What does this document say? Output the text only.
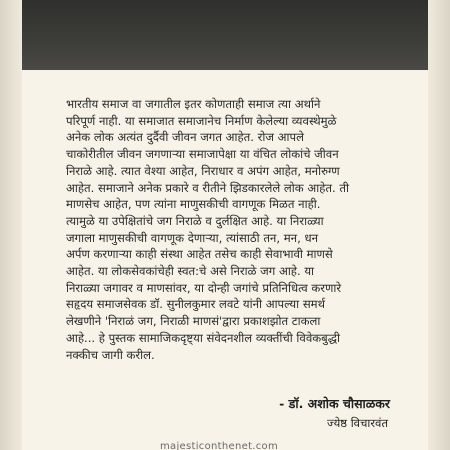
भारतीय समाज वा जगातील इतर कोणताही समाज त्या अर्थाने
परिपूर्ण नाही. या समाजात समाजानेच निर्माण केलेल्या व्यवस्थेमुळे
अनेक लोक अत्यंत दुर्दैवी जीवन जगत आहेत. रोज आपले
चाकोरीतील जीवन जगणाऱ्या समाजापेक्षा या वंचित लोकांचे जीवन
निराळे आहे. त्यात वेश्या आहेत, निराधार व अपंग आहेत, मनोरुग्ण
आहेत. समाजाने अनेक प्रकारे व रीतीने झिडकारलेले लोक आहेत. ती
माणसेच आहेत, पण त्यांना माणुसकीची वागणूक मिळत नाही.
त्यामुळे या उपेक्षितांचे जग निराळे व दुर्लक्षित आहे. या निराळ्या
जगाला माणुसकीची वागणूक देणाऱ्या, त्यांसाठी तन, मन, धन
अर्पण करणाऱ्या काही संस्था आहेत तसेच काही सेवाभावी माणसे
आहेत. या लोकसेवकांचेही स्वत:चे असे निराळे जग आहे. या
निराळ्या जगावर व माणसांवर, या दोन्ही जगांचे प्रतिनिधित्व करणारे
सहृदय समाजसेवक डॉ. सुनीलकुमार लवटे यांनी आपल्या समर्थ
लेखणीने 'निराळं जग, निराळी माणसं'द्वारा प्रकाशझोत टाकला
आहे... हे पुस्तक सामाजिकदृष्ट्या संवेदनशील व्यक्तींची विवेकबुद्धी
नक्कीच जागी करील.
- डॉ. अशोक चौसाळकर
ज्येष्ठ विचारवंत
majesticonthenet.com
